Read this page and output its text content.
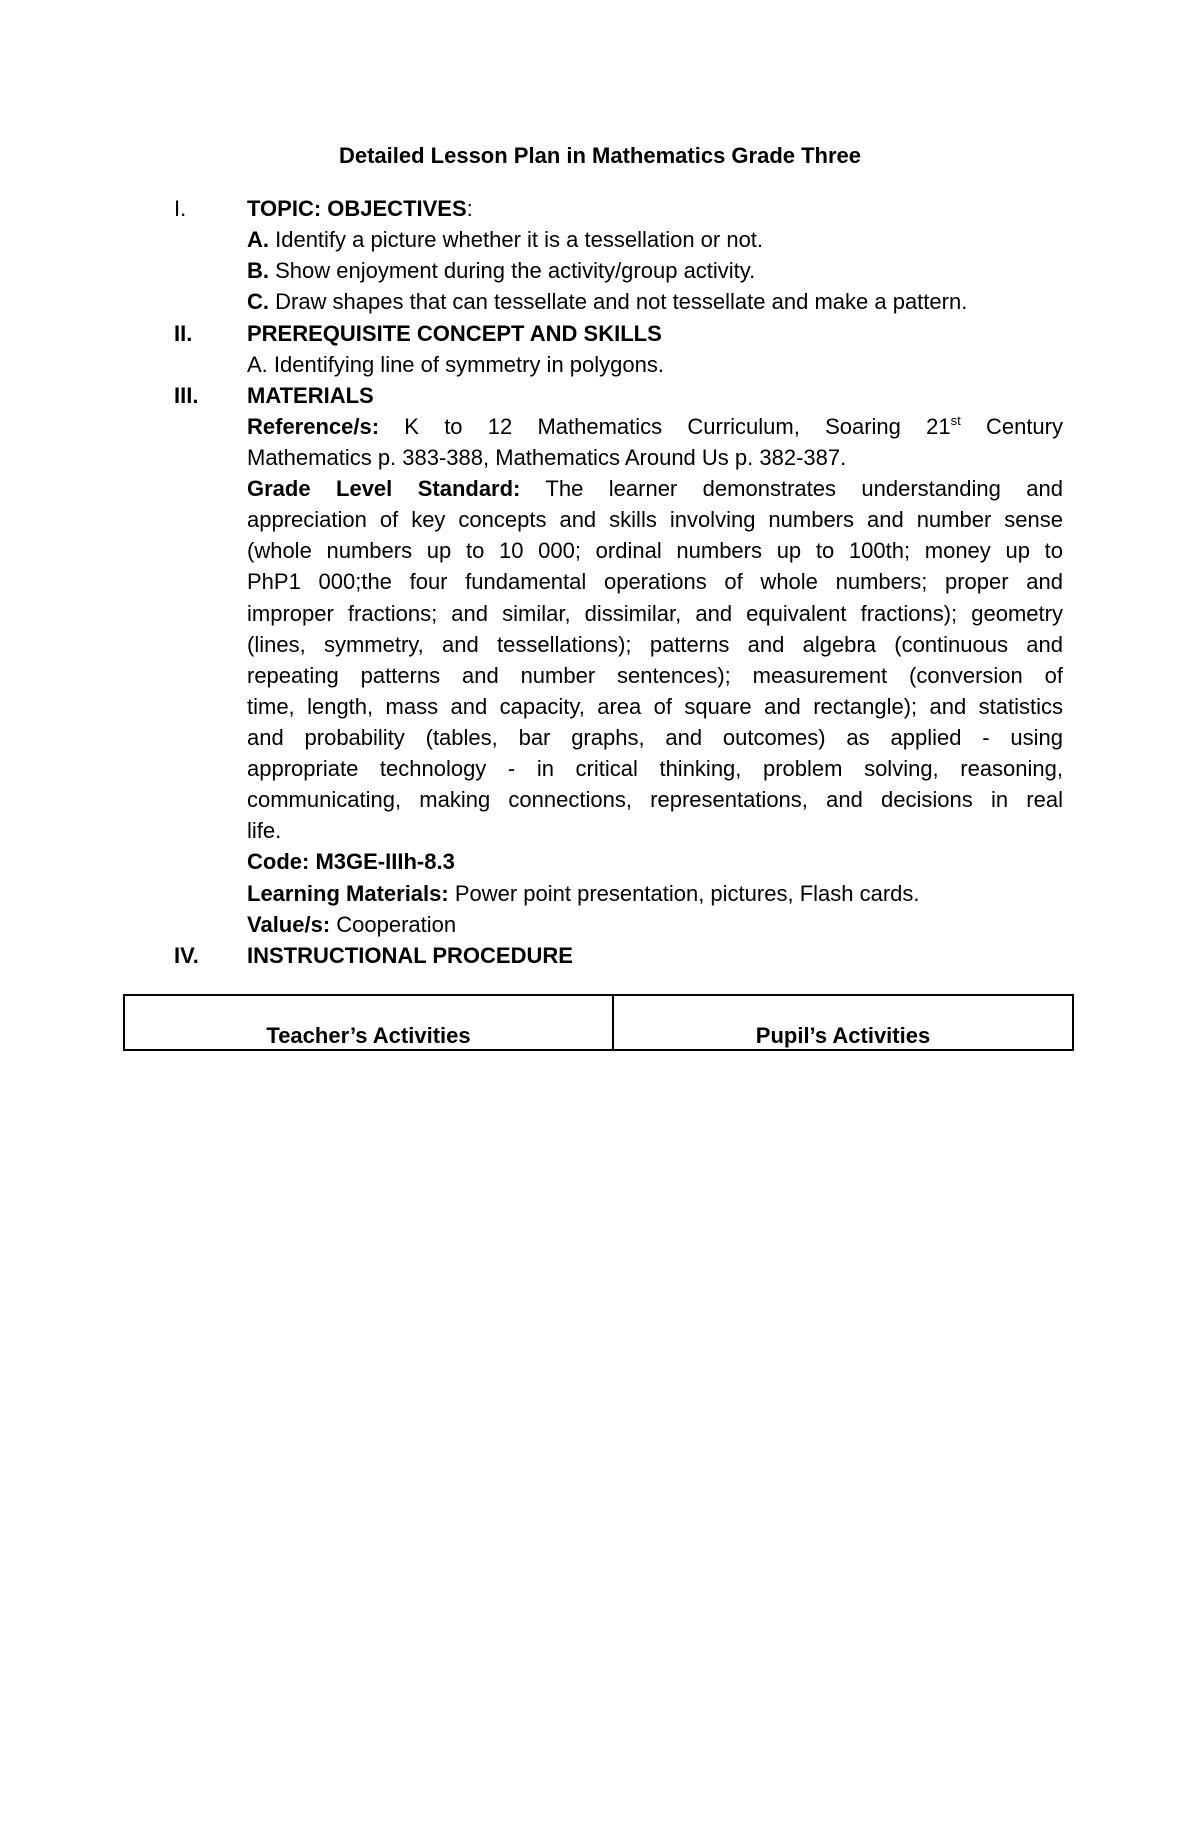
Detailed Lesson Plan in Mathematics Grade Three
I.	TOPIC: OBJECTIVES:
A. Identify a picture whether it is a tessellation or not.
B. Show enjoyment during the activity/group activity.
C. Draw shapes that can tessellate and not tessellate and make a pattern.
II. PREREQUISITE CONCEPT AND SKILLS
A. Identifying line of symmetry in polygons.
III. MATERIALS
Reference/s: K to 12 Mathematics Curriculum, Soaring 21st Century
Mathematics p. 383-388, Mathematics Around Us p. 382-387.
Grade Level Standard: The learner demonstrates understanding and
appreciation of key concepts and skills involving numbers and number sense
(whole numbers up to 10 000; ordinal numbers up to 100th; money up to
PhP1 000;the four fundamental operations of whole numbers; proper and
improper fractions; and similar, dissimilar, and equivalent fractions); geometry
(lines, symmetry, and tessellations); patterns and algebra (continuous and
repeating patterns and number sentences); measurement (conversion of
time, length, mass and capacity, area of square and rectangle); and statistics
and probability (tables, bar graphs, and outcomes) as applied - using
appropriate technology - in critical thinking, problem solving, reasoning,
communicating, making connections, representations, and decisions in real
life.
Code: M3GE-IIIh-8.3
Learning Materials: Power point presentation, pictures, Flash cards.
Value/s: Cooperation
IV. INSTRUCTIONAL PROCEDURE
Teacher’s Activities	Pupil’s Activities
